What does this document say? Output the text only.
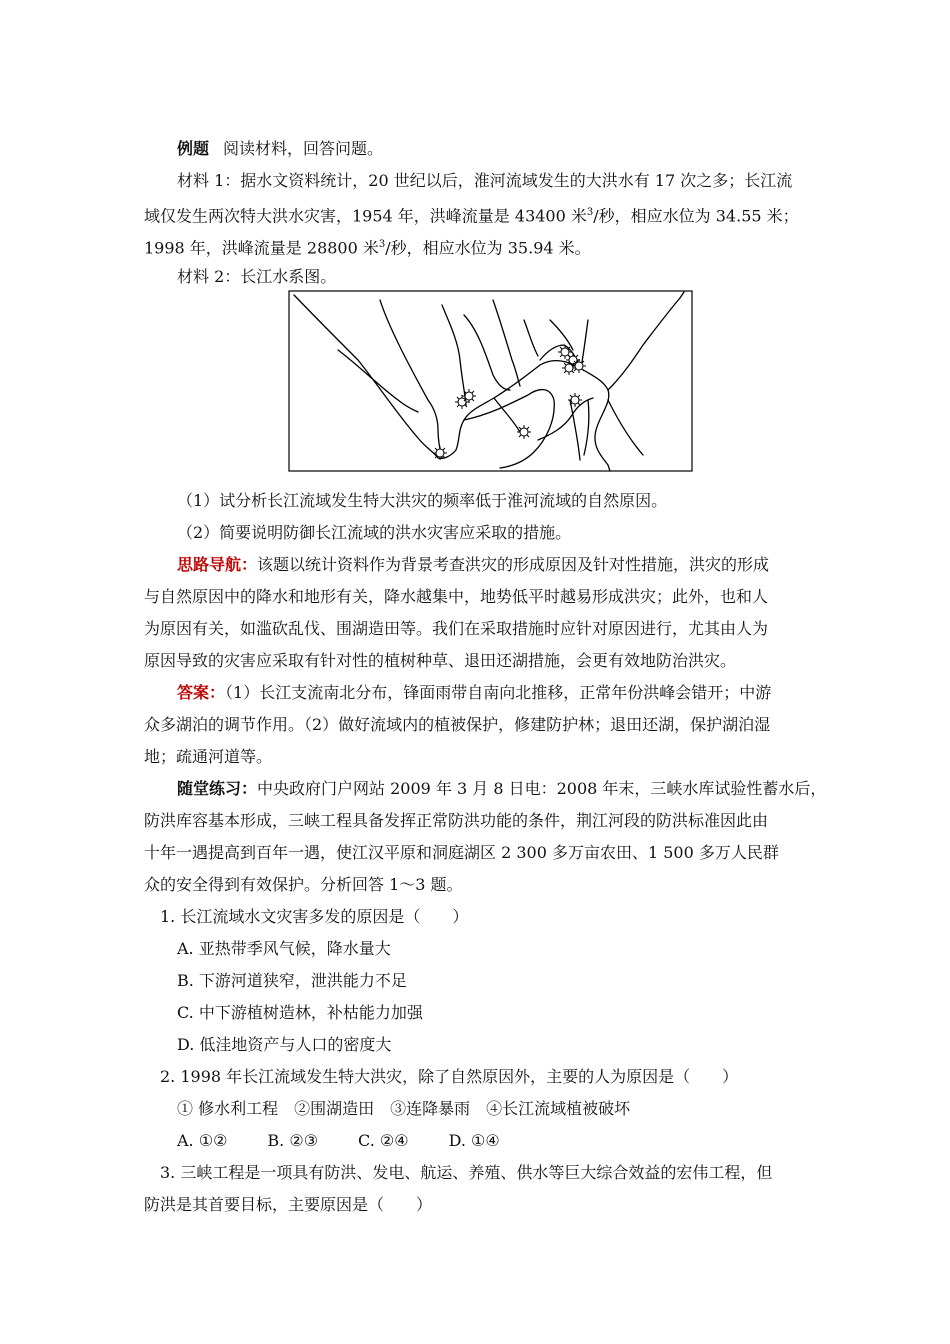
例题 阅读材料，回答问题。
材料 1：据水文资料统计，20 世纪以后，淮河流域发生的大洪水有 17 次之多；长江流
域仅发生两次特大洪水灾害，1954 年，洪峰流量是 43400 米$^3$/秒，相应水位为 34.55 米；
1998 年，洪峰流量是 28800 米$^3$/秒，相应水位为 35.94 米。
材料 2：长江水系图。
（1）试分析长江流域发生特大洪灾的频率低于淮河流域的自然原因。
（2）简要说明防御长江流域的洪水灾害应采取的措施。
思路导航：该题以统计资料作为背景考查洪灾的形成原因及针对性措施，洪灾的形成
与自然原因中的降水和地形有关，降水越集中，地势低平时越易形成洪灾；此外，也和人
为原因有关，如滥砍乱伐、围湖造田等。我们在采取措施时应针对原因进行，尤其由人为
原因导致的灾害应采取有针对性的植树种草、退田还湖措施，会更有效地防治洪灾。
答案：（1）长江支流南北分布，锋面雨带自南向北推移，正常年份洪峰会错开；中游
众多湖泊的调节作用。（2）做好流域内的植被保护，修建防护林；退田还湖，保护湖泊湿
地；疏通河道等。
随堂练习：中央政府门户网站 2009 年 3 月 8 日电：2008 年末，三峡水库试验性蓄水后，
防洪库容基本形成，三峡工程具备发挥正常防洪功能的条件，荆江河段的防洪标准因此由
十年一遇提高到百年一遇，使江汉平原和洞庭湖区 2 300 多万亩农田、1 500 多万人民群
众的安全得到有效保护。分析回答 1～3 题。
1. 长江流域水文灾害多发的原因是（　　）
A. 亚热带季风气候，降水量大
B. 下游河道狭窄，泄洪能力不足
C. 中下游植树造林，补枯能力加强
D. 低洼地资产与人口的密度大
2. 1998 年长江流域发生特大洪灾，除了自然原因外，主要的人为原因是（　　）
① 修水利工程　②围湖造田　③连降暴雨　④长江流域植被破坏
A. ①②	B. ②③	C. ②④	D. ①④
3. 三峡工程是一项具有防洪、发电、航运、养殖、供水等巨大综合效益的宏伟工程，但
防洪是其首要目标，主要原因是（　　）
